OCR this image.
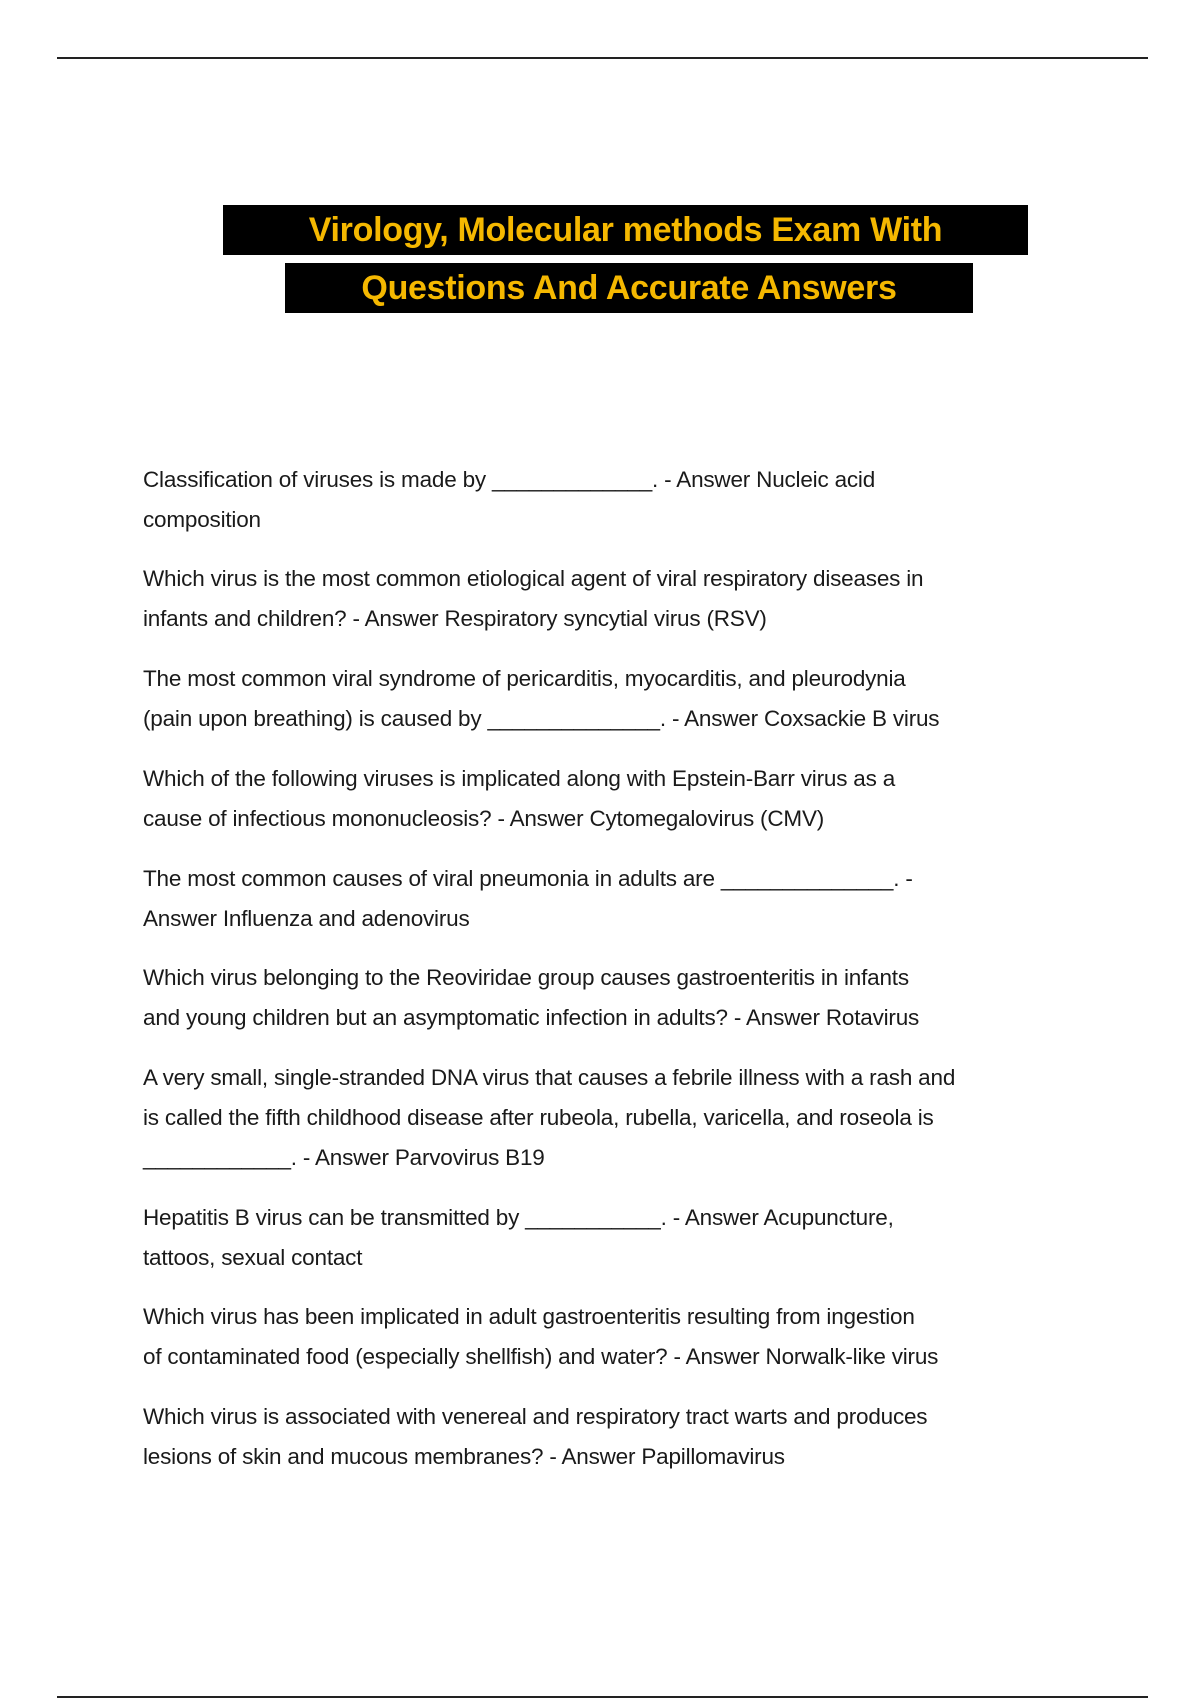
Virology, Molecular methods Exam With
Questions And Accurate Answers
Classification of viruses is made by _____________. - Answer Nucleic acid
composition
Which virus is the most common etiological agent of viral respiratory diseases in
infants and children? - Answer Respiratory syncytial virus (RSV)
The most common viral syndrome of pericarditis, myocarditis, and pleurodynia
(pain upon breathing) is caused by ______________. - Answer Coxsackie B virus
Which of the following viruses is implicated along with Epstein-Barr virus as a
cause of infectious mononucleosis? - Answer Cytomegalovirus (CMV)
The most common causes of viral pneumonia in adults are ______________. -
Answer Influenza and adenovirus
Which virus belonging to the Reoviridae group causes gastroenteritis in infants
and young children but an asymptomatic infection in adults? - Answer Rotavirus
A very small, single-stranded DNA virus that causes a febrile illness with a rash and
is called the fifth childhood disease after rubeola, rubella, varicella, and roseola is
____________. - Answer Parvovirus B19
Hepatitis B virus can be transmitted by ___________. - Answer Acupuncture,
tattoos, sexual contact
Which virus has been implicated in adult gastroenteritis resulting from ingestion
of contaminated food (especially shellfish) and water? - Answer Norwalk-like virus
Which virus is associated with venereal and respiratory tract warts and produces
lesions of skin and mucous membranes? - Answer Papillomavirus
